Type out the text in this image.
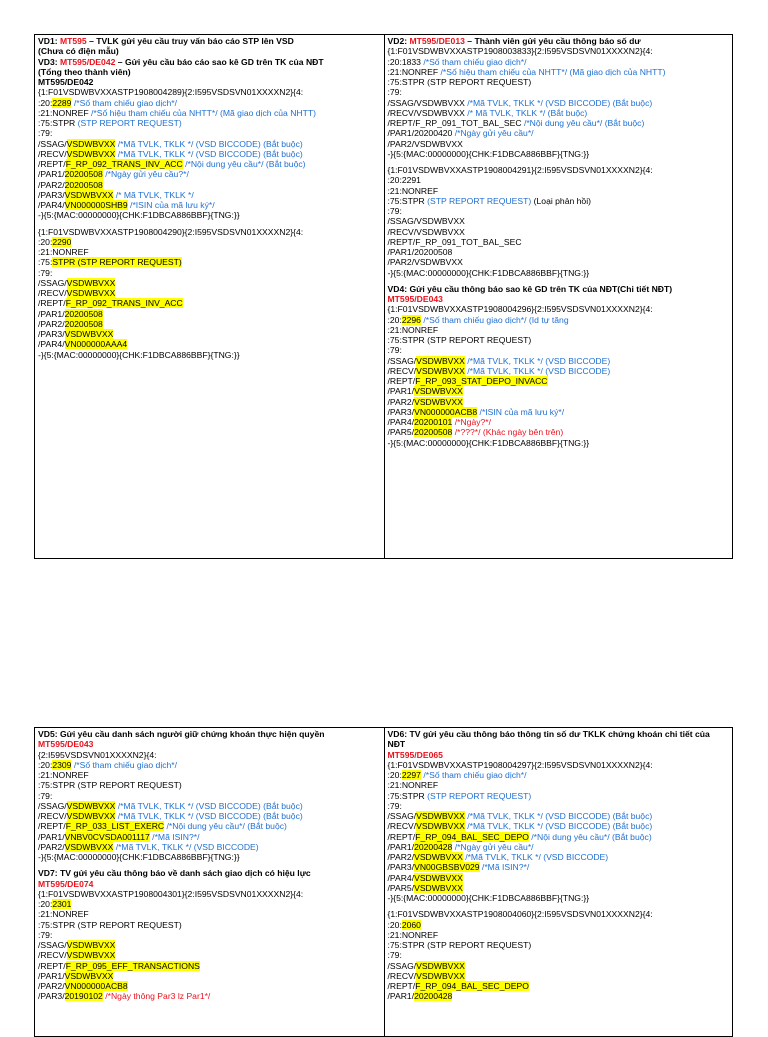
VD1: MT595 – TVLK gửi yêu cầu truy vấn báo cáo STP lên VSD
(Chưa có điện mẫu)
VD3: MT595/DE042 – Gửi yêu cầu báo cáo sao kê GD trên TK của NĐT
(Tổng theo thành viên)
MT595/DE042
{1:F01VSDWBVXXASTP1908004289}{2:I595VSDSVN01XXXXN2}{4:
:20:2289 /*Số tham chiếu giao dịch*/
:21:NONREF /*Số hiệu tham chiếu của NHTT*/ (Mã giao dịch của NHTT)
:75:STPR (STP REPORT REQUEST)
:79:
/SSAG/VSDWBVXX /*Mã TVLK, TKLK */ (VSD BICCODE) (Bắt buộc)
/RECV/VSDWBVXX /*Mã TVLK, TKLK */ (VSD BICCODE) (Bắt buộc)
/REPT/F_RP_092_TRANS_INV_ACC /*Nội dung yêu cầu*/ (Bắt buộc)
/PAR1/20200508 /*Ngày gửi yêu cầu?*/
/PAR2/20200508
/PAR3/VSDWBVXX /* Mã TVLK, TKLK */
/PAR4/VN000000SHB9 /*ISIN của mã lưu ký*/
-}{5:{MAC:00000000}{CHK:F1DBCA886BBF}{TNG:}}
{1:F01VSDWBVXXASTP1908004290}{2:I595VSDSVN01XXXXN2}{4:
:20:2290
:21:NONREF
:75:STPR (STP REPORT REQUEST)
:79:
/SSAG/VSDWBVXX
/RECV/VSDWBVXX
/REPT/F_RP_092_TRANS_INV_ACC
/PAR1/20200508
/PAR2/20200508
/PAR3/VSDWBVXX
/PAR4/VN000000AAA4
-}{5:{MAC:00000000}{CHK:F1DBCA886BBF}{TNG:}}
VD2: MT595/DE013 – Thành viên gửi yêu cầu thông báo số dư
{1:F01VSDWBVXXASTP1908003833}{2:I595VSDSVN01XXXXN2}{4:
:20:1833 /*Số tham chiếu giao dịch*/
:21:NONREF /*Số hiệu tham chiếu của NHTT*/ (Mã giao dịch của NHTT)
:75:STPR (STP REPORT REQUEST)
:79:
/SSAG/VSDWBVXX /*Mã TVLK, TKLK */ (VSD BICCODE) (Bắt buộc)
/RECV/VSDWBVXX /* Mã TVLK, TKLK */ (Bắt buộc)
/REPT/F_RP_091_TOT_BAL_SEC /*Nội dung yêu cầu*/ (Bắt buộc)
/PAR1/20200420 /*Ngày gửi yêu cầu*/
/PAR2/VSDWBVXX
-}{5:{MAC:00000000}{CHK:F1DBCA886BBF}{TNG:}}
{1:F01VSDWBVXXASTP1908004291}{2:I595VSDSVN01XXXXN2}{4:
:20:2291
:21:NONREF
:75:STPR (STP REPORT REQUEST) (Loại phản hồi)
:79:
/SSAG/VSDWBVXX
/RECV/VSDWBVXX
/REPT/F_RP_091_TOT_BAL_SEC
/PAR1/20200508
/PAR2/VSDWBVXX
-}{5:{MAC:00000000}{CHK:F1DBCA886BBF}{TNG:}}
VD4: Gửi yêu cầu thông báo sao kê GD trên TK của NĐT(Chi tiết NĐT)
MT595/DE043
{1:F01VSDWBVXXASTP1908004296}{2:I595VSDSVN01XXXXN2}{4:
:20:2296 /*Số tham chiếu giao dịch*/ (Id tự tăng
:21:NONREF
:75:STPR (STP REPORT REQUEST)
:79:
/SSAG/VSDWBVXX /*Mã TVLK, TKLK */ (VSD BICCODE)
/RECV/VSDWBVXX /*Mã TVLK, TKLK */ (VSD BICCODE)
/REPT/F_RP_093_STAT_DEPO_INVACC
/PAR1/VSDWBVXX
/PAR2/VSDWBVXX
/PAR3/VN000000ACB8 /*ISIN của mã lưu ký*/
/PAR4/20200101 /*Ngày?*/
/PAR5/20200508 /*???*/ (Khác ngày bên trên)
-}{5:{MAC:00000000}{CHK:F1DBCA886BBF}{TNG:}}
VD5: Gửi yêu cầu danh sách người giữ chứng khoán thực hiện quyền
MT595/DE043
{2:I595VSDSVN01XXXXN2}{4:
:20:2309 /*Số tham chiếu giao dịch*/
:21:NONREF
:75:STPR (STP REPORT REQUEST)
:79:
/SSAG/VSDWBVXX /*Mã TVLK, TKLK */ (VSD BICCODE) (Bắt buộc)
/RECV/VSDWBVXX /*Mã TVLK, TKLK */ (VSD BICCODE) (Bắt buộc)
/REPT/F_RP_033_LIST_EXERC /*Nội dung yêu cầu*/ (Bắt buộc)
/PAR1/VNBV0CVSDA001117 /*Mã ISIN?*/
/PAR2/VSDWBVXX /*Mã TVLK, TKLK */ (VSD BICCODE)
-}{5:{MAC:00000000}{CHK:F1DBCA886BBF}{TNG:}}
VD7: TV gửi yêu cầu thông báo về danh sách giao dịch có hiệu lực
MT595/DE074
{1:F01VSDWBVXXASTP1908004301}{2:I595VSDSVN01XXXXN2}{4:
:20:2301
:21:NONREF
:75:STPR (STP REPORT REQUEST)
:79:
/SSAG/VSDWBVXX
/RECV/VSDWBVXX
/REPT/F_RP_095_EFF_TRANSACTIONS
/PAR1/VSDWBVXX
/PAR2/VN000000ACB8
/PAR3/20190102 /*Ngày thông Par3 lz Par1*/
VD6: TV gửi yêu cầu thông báo thông tin số dư TKLK chứng khoán chi tiết của NĐT
MT595/DE065
{1:F01VSDWBVXXASTP1908004297}{2:I595VSDSVN01XXXXN2}{4:
:20:2297 /*Số tham chiếu giao dịch*/
:21:NONREF
:75:STPR (STP REPORT REQUEST)
:79:
/SSAG/VSDWBVXX /*Mã TVLK, TKLK */ (VSD BICCODE) (Bắt buộc)
/RECV/VSDWBVXX /*Mã TVLK, TKLK */ (VSD BICCODE) (Bắt buộc)
/REPT/F_RP_094_BAL_SEC_DEPO /*Nội dung yêu cầu*/ (Bắt buộc)
/PAR1/20200428 /*Ngày gửi yêu cầu*/
/PAR2/VSDWBVXX /*Mã TVLK, TKLK */ (VSD BICCODE)
/PAR3/VN00GBSBV029 /*Mã ISIN?*/
/PAR4/VSDWBVXX
/PAR5/VSDWBVXX
-}{5:{MAC:00000000}{CHK:F1DBCA886BBF}{TNG:}}
{1:F01VSDWBVXXASTP1908004060}{2:I595VSDSVN01XXXXN2}{4:
:20:2060
:21:NONREF
:75:STPR (STP REPORT REQUEST)
:79:
/SSAG/VSDWBVXX
/RECV/VSDWBVXX
/REPT/F_RP_094_BAL_SEC_DEPO
/PAR1/20200428
